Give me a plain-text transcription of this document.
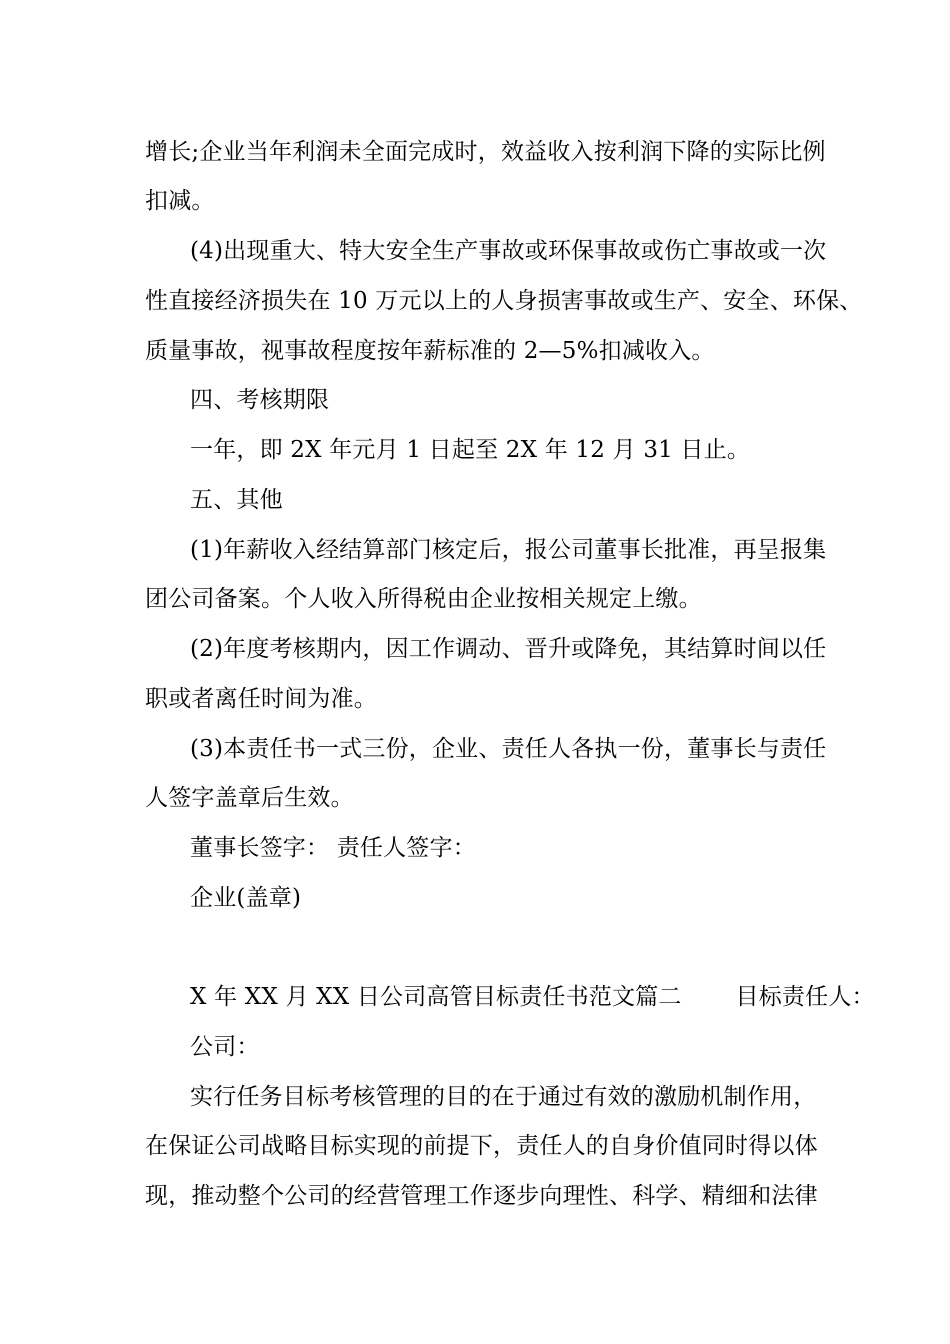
增长;企业当年利润未全面完成时，效益收入按利润下降的实际比例
扣减。
(4)出现重大、特大安全生产事故或环保事故或伤亡事故或一次
性直接经济损失在 10 万元以上的人身损害事故或生产、安全、环保、
质量事故，视事故程度按年薪标准的 2—5%扣减收入。
四、考核期限
一年，即 2X 年元月 1 日起至 2X 年 12 月 31 日止。
五、其他
(1)年薪收入经结算部门核定后，报公司董事长批准，再呈报集
团公司备案。个人收入所得税由企业按相关规定上缴。
(2)年度考核期内，因工作调动、晋升或降免，其结算时间以任
职或者离任时间为准。
(3)本责任书一式三份，企业、责任人各执一份，董事长与责任
人签字盖章后生效。
董事长签字： 责任人签字：
企业(盖章)
X 年 XX 月 XX 日公司高管目标责任书范文篇二　　 目标责任人：
公司：
实行任务目标考核管理的目的在于通过有效的激励机制作用，
在保证公司战略目标实现的前提下，责任人的自身价值同时得以体
现，推动整个公司的经营管理工作逐步向理性、科学、精细和法律
